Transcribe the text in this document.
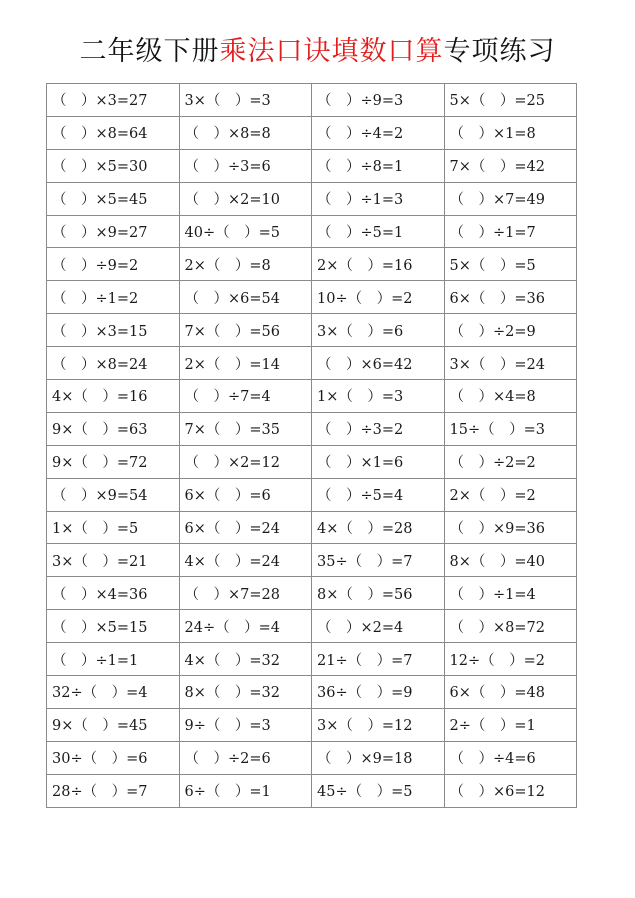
二年级下册乘法口诀填数口算专项练习
（　）×3=27	3×（　）=3	（　）÷9=3	5×（　）=25
（　）×8=64	（　）×8=8	（　）÷4=2	（　）×1=8
（　）×5=30	（　）÷3=6	（　）÷8=1	7×（　）=42
（　）×5=45	（　）×2=10	（　）÷1=3	（　）×7=49
（　）×9=27	40÷（　）=5	（　）÷5=1	（　）÷1=7
（　）÷9=2	2×（　）=8	2×（　）=16	5×（　）=5
（　）÷1=2	（　）×6=54	10÷（　）=2	6×（　）=36
（　）×3=15	7×（　）=56	3×（　）=6	（　）÷2=9
（　）×8=24	2×（　）=14	（　）×6=42	3×（　）=24
4×（　）=16	（　）÷7=4	1×（　）=3	（　）×4=8
9×（　）=63	7×（　）=35	（　）÷3=2	15÷（　）=3
9×（　）=72	（　）×2=12	（　）×1=6	（　）÷2=2
（　）×9=54	6×（　）=6	（　）÷5=4	2×（　）=2
1×（　）=5	6×（　）=24	4×（　）=28	（　）×9=36
3×（　）=21	4×（　）=24	35÷（　）=7	8×（　）=40
（　）×4=36	（　）×7=28	8×（　）=56	（　）÷1=4
（　）×5=15	24÷（　）=4	（　）×2=4	（　）×8=72
（　）÷1=1	4×（　）=32	21÷（　）=7	12÷（　）=2
32÷（　）=4	8×（　）=32	36÷（　）=9	6×（　）=48
9×（　）=45	9÷（　）=3	3×（　）=12	2÷（　）=1
30÷（　）=6	（　）÷2=6	（　）×9=18	（　）÷4=6
28÷（　）=7	6÷（　）=1	45÷（　）=5	（　）×6=12
